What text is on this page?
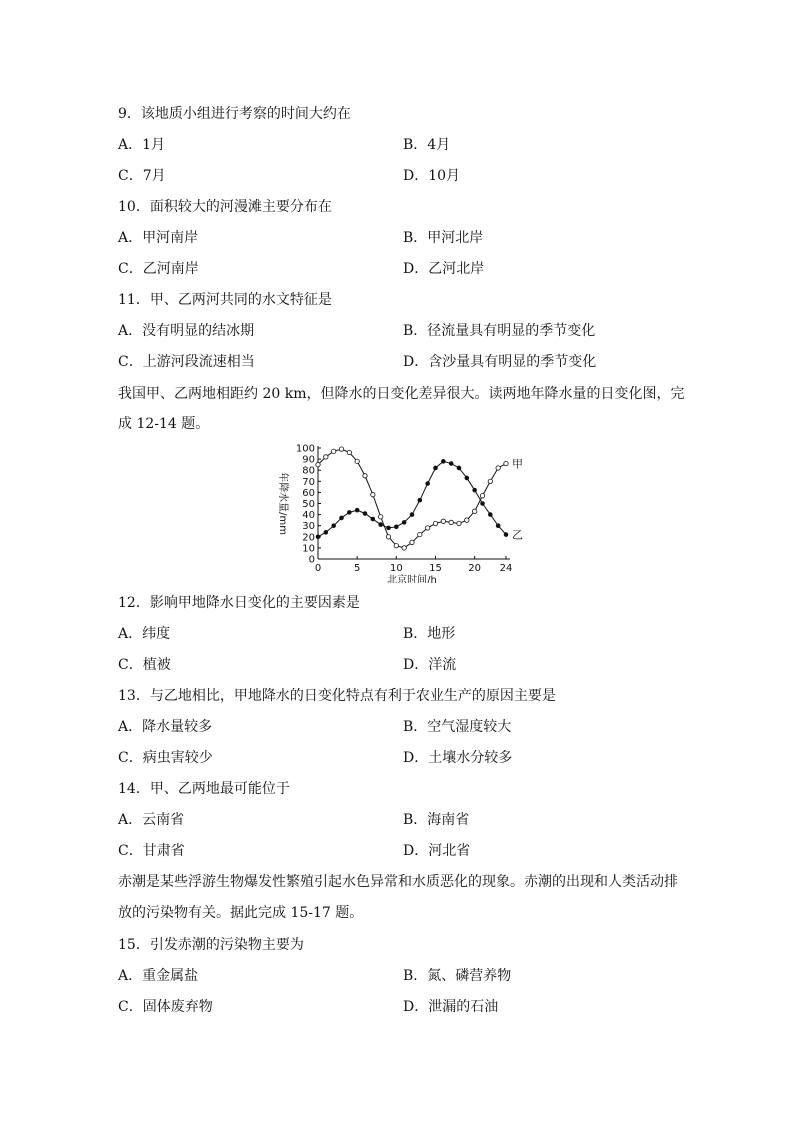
9．该地质小组进行考察的时间大约在
A．1月	B．4月
C．7月	D．10月
10．面积较大的河漫滩主要分布在
A．甲河南岸	B．甲河北岸
C．乙河南岸	D．乙河北岸
11．甲、乙两河共同的水文特征是
A．没有明显的结冰期	B．径流量具有明显的季节变化
C．上游河段流速相当	D．含沙量具有明显的季节变化
我国甲、乙两地相距约 20 km，但降水的日变化差异很大。读两地年降水量的日变化图，完
成 12-14 题。
0
10
20
30
40
50
60
70
80
90
100
0	5	10	15	20 24
北京时间/h
年降水量/mm
甲
乙
12．影响甲地降水日变化的主要因素是
A．纬度	B．地形
C．植被	D．洋流
13．与乙地相比，甲地降水的日变化特点有利于农业生产的原因主要是
A．降水量较多	B．空气湿度较大
C．病虫害较少	D．土壤水分较多
14．甲、乙两地最可能位于
A．云南省	B．海南省
C．甘肃省	D．河北省
赤潮是某些浮游生物爆发性繁殖引起水色异常和水质恶化的现象。赤潮的出现和人类活动排
放的污染物有关。据此完成 15-17 题。
15．引发赤潮的污染物主要为
A．重金属盐	B．氮、磷营养物
C．固体废弃物	D．泄漏的石油
